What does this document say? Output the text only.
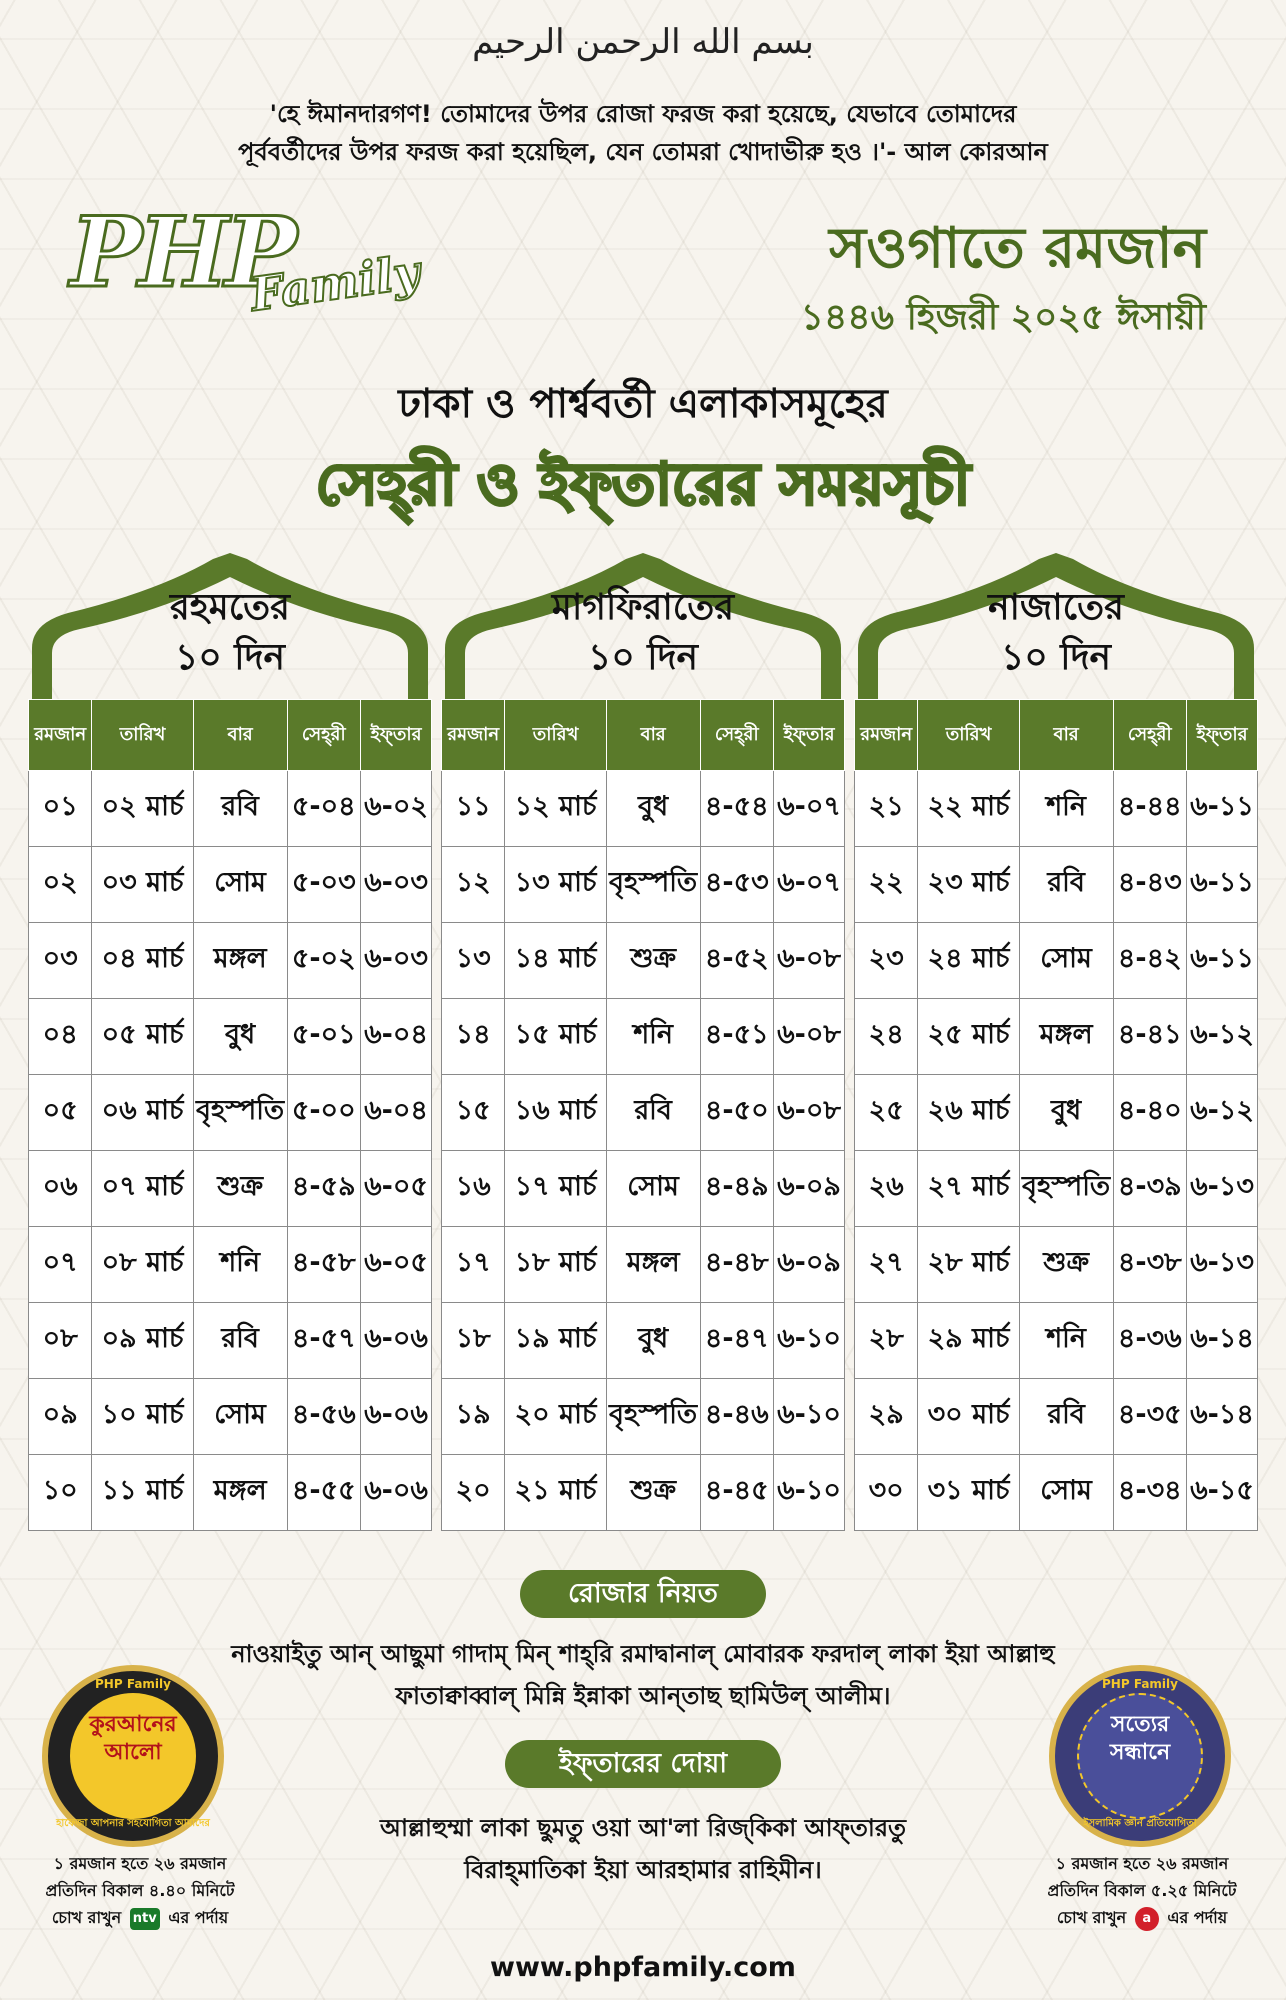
بسم الله الرحمن الرحيم
'হে ঈমানদারগণ! তোমাদের উপর রোজা ফরজ করা হয়েছে, যেভাবে তোমাদের
পূর্ববর্তীদের উপর ফরজ করা হয়েছিল, যেন তোমরা খোদাভীরু হও ।'- আল কোরআন
PHP
Family	সওগাতে রমজান
১৪৪৬ হিজরী ২০২৫ ঈসায়ী
ঢাকা ও পার্শ্ববর্তী এলাকাসমূহের
সেহ্‌রী ও ইফ্‌তারের সময়সূচী
রহমতের
১০ দিন
রমজান	তারিখ	বার	সেহ্‌রী	ইফ্‌তার
০১	০২ মার্চ	রবি	৫-০৪	৬-০২
০২	০৩ মার্চ	সোম	৫-০৩	৬-০৩
০৩	০৪ মার্চ	মঙ্গল	৫-০২	৬-০৩
০৪	০৫ মার্চ	বুধ	৫-০১	৬-০৪
০৫	০৬ মার্চ	বৃহস্পতি	৫-০০	৬-০৪
০৬	০৭ মার্চ	শুক্র	৪-৫৯	৬-০৫
০৭	০৮ মার্চ	শনি	৪-৫৮	৬-০৫
০৮	০৯ মার্চ	রবি	৪-৫৭	৬-০৬
০৯	১০ মার্চ	সোম	৪-৫৬	৬-০৬
১০	১১ মার্চ	মঙ্গল	৪-৫৫	৬-০৬
মাগফিরাতের
১০ দিন
রমজান	তারিখ	বার	সেহ্‌রী	ইফ্‌তার
১১	১২ মার্চ	বুধ	৪-৫৪	৬-০৭
১২	১৩ মার্চ	বৃহস্পতি	৪-৫৩	৬-০৭
১৩	১৪ মার্চ	শুক্র	৪-৫২	৬-০৮
১৪	১৫ মার্চ	শনি	৪-৫১	৬-০৮
১৫	১৬ মার্চ	রবি	৪-৫০	৬-০৮
১৬	১৭ মার্চ	সোম	৪-৪৯	৬-০৯
১৭	১৮ মার্চ	মঙ্গল	৪-৪৮	৬-০৯
১৮	১৯ মার্চ	বুধ	৪-৪৭	৬-১০
১৯	২০ মার্চ	বৃহস্পতি	৪-৪৬	৬-১০
২০	২১ মার্চ	শুক্র	৪-৪৫	৬-১০
নাজাতের
১০ দিন
রমজান	তারিখ	বার	সেহ্‌রী	ইফ্‌তার
২১	২২ মার্চ	শনি	৪-৪৪	৬-১১
২২	২৩ মার্চ	রবি	৪-৪৩	৬-১১
২৩	২৪ মার্চ	সোম	৪-৪২	৬-১১
২৪	২৫ মার্চ	মঙ্গল	৪-৪১	৬-১২
২৫	২৬ মার্চ	বুধ	৪-৪০	৬-১২
২৬	২৭ মার্চ	বৃহস্পতি	৪-৩৯	৬-১৩
২৭	২৮ মার্চ	শুক্র	৪-৩৮	৬-১৩
২৮	২৯ মার্চ	শনি	৪-৩৬	৬-১৪
২৯	৩০ মার্চ	রবি	৪-৩৫	৬-১৪
৩০	৩১ মার্চ	সোম	৪-৩৪	৬-১৫
রোজার নিয়ত
নাওয়াইতু আন্ আছুমা গাদাম্ মিন্ শাহ্‌রি রমাদ্বানাল্ মোবারক ফরদাল্ লাকা ইয়া আল্লাহু
ফাতাক্বাব্বাল্ মিন্নি ইন্নাকা আন্‌তাছ ছামিউল্ আলীম।
ইফ্‌তারের দোয়া
আল্লাহুম্মা লাকা ছুমতু ওয়া আ'লা রিজ্‌কিকা আফ্‌তারতু
বিরাহ্‌মাতিকা ইয়া আরহামার রাহিমীন।
PHP Family
কুরআনের আলো
হাফেজা আপনার সহযোগিতা আমাদের
PHP Family
সত্যের সন্ধানে
ইসলামিক জ্ঞান প্রতিযোগিতা
১ রমজান হতে ২৬ রমজান
প্রতিদিন বিকাল ৪.৪০ মিনিটে
চোখ রাখুন ntv এর পর্দায়
১ রমজান হতে ২৬ রমজান
প্রতিদিন বিকাল ৫.২৫ মিনিটে
চোখ রাখুন a এর পর্দায়
www.phpfamily.com
